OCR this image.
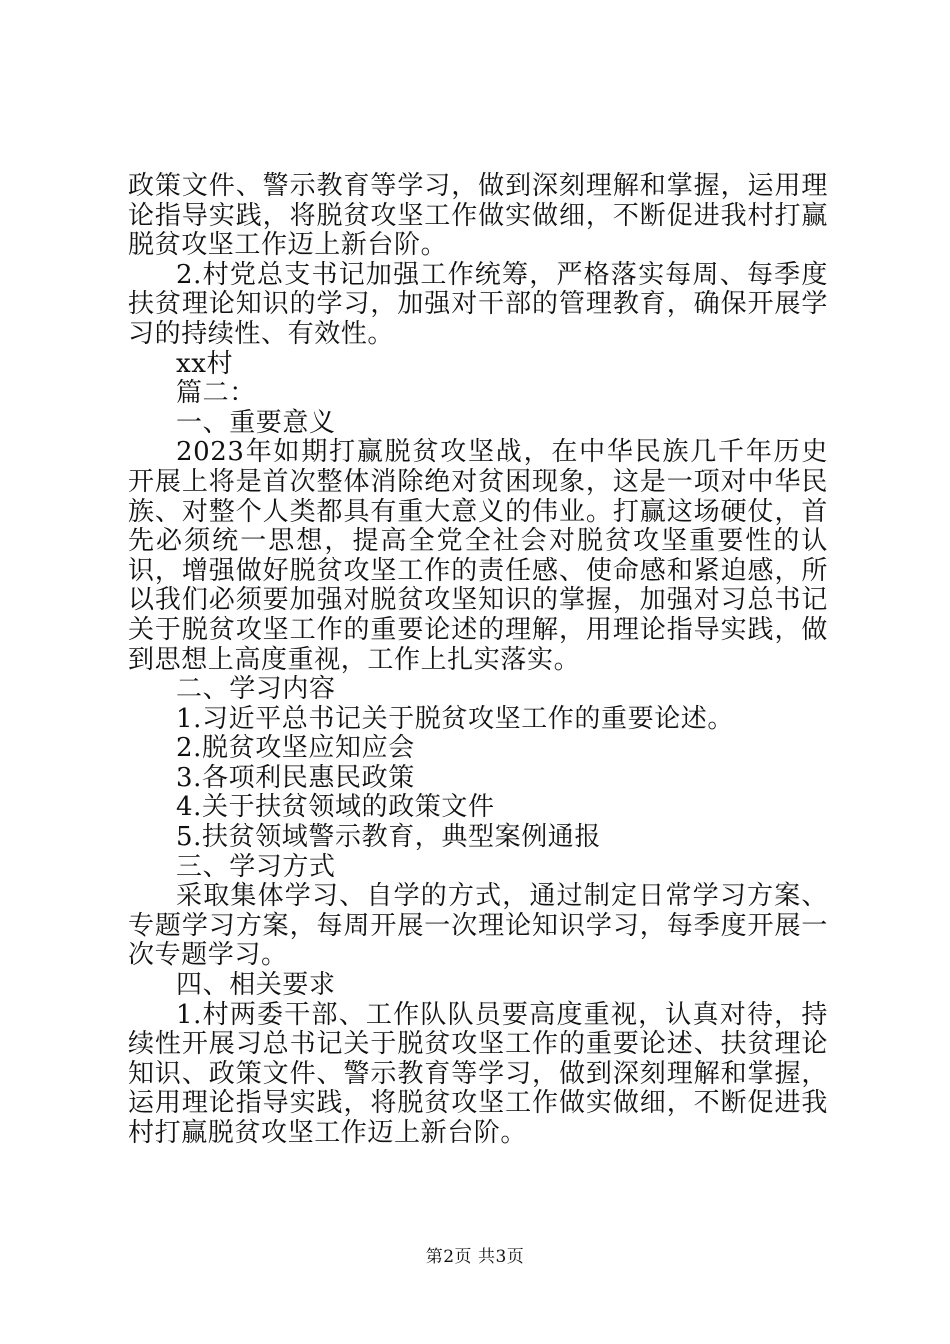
政策文件、警示教育等学习，做到深刻理解和掌握，运用理论指导实践，将脱贫攻坚工作做实做细，不断促进我村打赢脱贫攻坚工作迈上新台阶。

2.村党总支书记加强工作统筹，严格落实每周、每季度扶贫理论知识的学习，加强对干部的管理教育，确保开展学习的持续性、有效性。

xx村

篇二：

一、重要意义

2023年如期打赢脱贫攻坚战，在中华民族几千年历史开展上将是首次整体消除绝对贫困现象，这是一项对中华民族、对整个人类都具有重大意义的伟业。打赢这场硬仗，首先必须统一思想，提高全党全社会对脱贫攻坚重要性的认识，增强做好脱贫攻坚工作的责任感、使命感和紧迫感，所以我们必须要加强对脱贫攻坚知识的掌握，加强对习总书记关于脱贫攻坚工作的重要论述的理解，用理论指导实践，做到思想上高度重视，工作上扎实落实。

二、学习内容

1.习近平总书记关于脱贫攻坚工作的重要论述。

2.脱贫攻坚应知应会

3.各项利民惠民政策

4.关于扶贫领域的政策文件

5.扶贫领域警示教育，典型案例通报

三、学习方式

采取集体学习、自学的方式，通过制定日常学习方案、专题学习方案，每周开展一次理论知识学习，每季度开展一次专题学习。

四、相关要求

1.村两委干部、工作队队员要高度重视，认真对待，持续性开展习总书记关于脱贫攻坚工作的重要论述、扶贫理论知识、政策文件、警示教育等学习，做到深刻理解和掌握，运用理论指导实践，将脱贫攻坚工作做实做细，不断促进我村打赢脱贫攻坚工作迈上新台阶。

第2页 共3页
